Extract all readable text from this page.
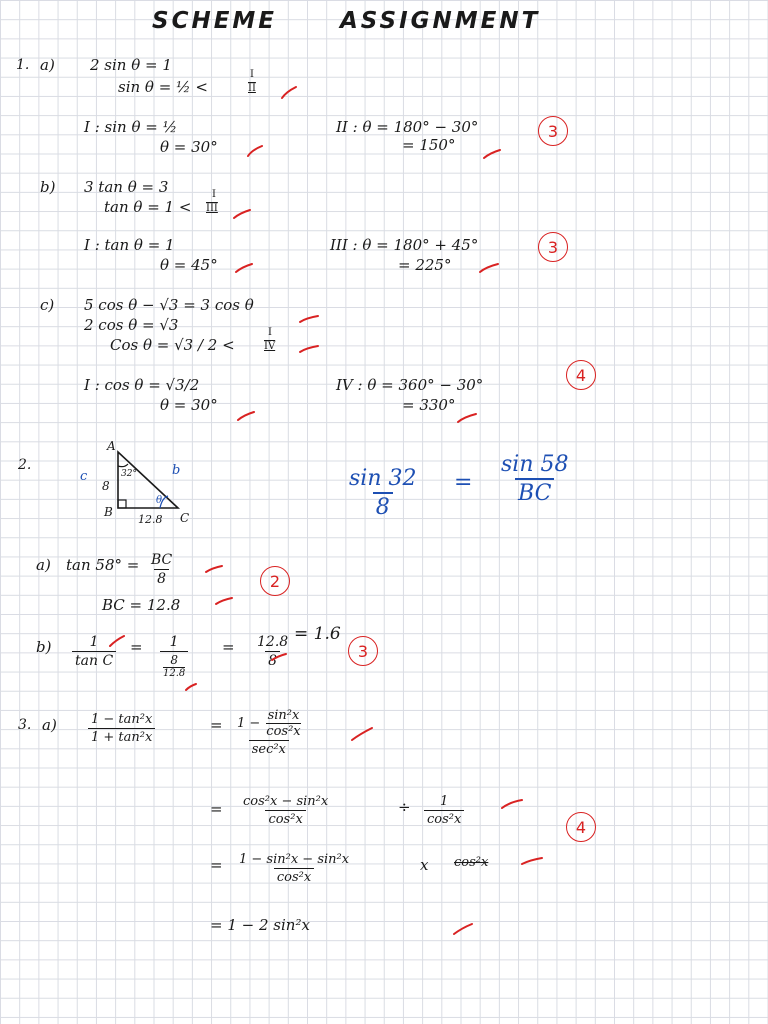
SCHEME	ASSIGNMENT
1. a) 2 sin θ = 1
sin θ = ½ <
I
II
I : sin θ = ½
θ = 30°
II : θ = 180° − 30°
= 150°
3
b) 3 tan θ = 3
tan θ = 1 <
I
III
I : tan θ = 1
θ = 45°
III : θ = 180° + 45°
= 225°
3
c) 5 cos θ − √3 = 3 cos θ
2 cos θ = √3
Cos θ = √3 / 2 <
I
IV
I : cos θ = √3/2
θ = 30°
IV : θ = 360° − 30°
= 330°
4
2.
A
B	C
c	b
8
12.8
32°
θ	$\frac{\sin 32}{8} = \frac{\sin 58}{BC}$
a) $\tan 58^\circ = \frac{BC}{8}$
BC = 12.8
2
$b) \frac{1}{\text{tan C}} = 1$
8
$12.8 = \frac{12.8}{8} = 1.6$
3
3. $a) \frac{\text{1 − tan²x}}{\text{1 + tan²x}}$	= $1 - \frac{\text{sin²x}}{\text{cos²x}}$
sec²x
= $\frac{\text{cos²x − sin²x}}{\text{cos²x}}$	÷ $\frac{1}{\text{cos²x}}$
= $\frac{\text{1 − sin²x − sin²x}}{\text{cos²x}}$	x cos²x
= 1 − 2 sin²x
4
